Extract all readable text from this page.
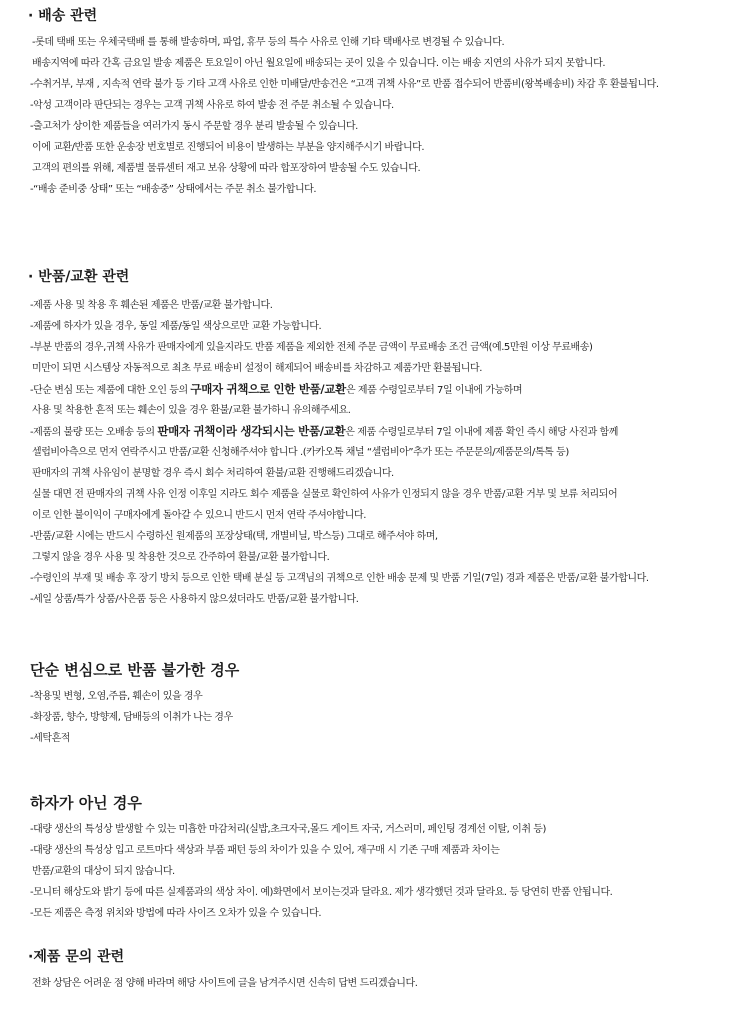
· 배송 관련
-롯데 택배 또는 우체국택배 를 통해 발송하며, 파업, 휴무 등의 특수 사유로 인해 기타 택배사로 변경될 수 있습니다.
배송지역에 따라 간혹 금요일 발송 제품은 토요일이 아닌 월요일에 배송되는 곳이 있을 수 있습니다. 이는 배송 지연의 사유가 되지 못합니다.
-수취거부, 부재 , 지속적 연락 불가 등 기타 고객 사유로 인한 미배달/반송건은 “고객 귀책 사유”로 반품 접수되어 반품비(왕복배송비) 차감 후 환불됩니다.
-악성 고객이라 판단되는 경우는 고객 귀책 사유로 하여 발송 전 주문 취소될 수 있습니다.
-출고처가 상이한 제품들을 여러가지 동시 주문할 경우 분리 발송될 수 있습니다.
이에 교환/반품 또한 운송장 번호별로 진행되어 비용이 발생하는 부분을 양지해주시기 바랍니다.
고객의 편의를 위해, 제품별 물류센터 재고 보유 상황에 따라 합포장하여 발송될 수도 있습니다.
-“배송 준비중 상태” 또는 “배송중” 상태에서는 주문 취소 불가합니다.
· 반품/교환 관련
-제품 사용 및 착용 후 훼손된 제품은 반품/교환 불가합니다.
-제품에 하자가 있을 경우, 동일 제품/동일 색상으로만 교환 가능합니다.
-부분 반품의 경우,귀책 사유가 판매자에게 있을지라도 반품 제품을 제외한 전체 주문 금액이 무료배송 조건 금액(예.5만원 이상 무료배송)
미만이 되면 시스템상 자동적으로 최초 무료 배송비 설정이 해제되어 배송비를 차감하고 제품가만 환불됩니다.
-단순 변심 또는 제품에 대한 오인 등의 구매자 귀책으로 인한 반품/교환은 제품 수령일로부터 7일 이내에 가능하며
사용 및 착용한 흔적 또는 훼손이 있을 경우 환불/교환 불가하니 유의해주세요.
-제품의 불량 또는 오배송 등의 판매자 귀책이라 생각되시는 반품/교환은 제품 수령일로부터 7일 이내에 제품 확인 즉시 해당 사진과 함께
셀럽비아측으로 먼저 연락주시고 반품/교환 신청해주셔야 합니다 .(카카오톡 채널 “셀럽비아”추가 또는 주문문의/제품문의/톡톡 등)
판매자의 귀책 사유임이 분명할 경우 즉시 회수 처리하여 환불/교환 진행해드리겠습니다.
실물 대면 전 판매자의 귀책 사유 인정 이후일 지라도 회수 제품을 실물로 확인하여 사유가 인정되지 않을 경우 반품/교환 거부 및 보류 처리되어
이로 인한 불이익이 구매자에게 돌아갈 수 있으니 반드시 먼저 연락 주셔야합니다.
-반품/교환 시에는 반드시 수령하신 원제품의 포장상태(택, 개별비닐, 박스등) 그대로 해주셔야 하며,
그렇지 않을 경우 사용 및 착용한 것으로 간주하여 환불/교환 불가합니다.
-수령인의 부재 및 배송 후 장기 방치 등으로 인한 택배 분실 등 고객님의 귀책으로 인한 배송 문제 및 반품 기일(7일) 경과 제품은 반품/교환 불가합니다.
-세일 상품/특가 상품/사은품 등은 사용하지 않으셨더라도 반품/교환 불가합니다.
단순 변심으로 반품 불가한 경우
-착용및 변형, 오염,주름, 훼손이 있을 경우
-화장품, 향수, 방향제, 담배등의 이취가 나는 경우
-세탁흔적
하자가 아닌 경우
-대량 생산의 특성상 발생할 수 있는 미흡한 마감처리(실밥,초크자국,몰드 게이트 자국, 거스러미, 페인팅 경계선 이탈, 이취 등)
-대량 생산의 특성상 입고 로트마다 색상과 부품 패턴 등의 차이가 있을 수 있어, 재구매 시 기존 구매 제품과 차이는
반품/교환의 대상이 되지 않습니다.
-모니터 해상도와 밝기 등에 따른 실제품과의 색상 차이. 예)화면에서 보이는것과 달라요. 제가 생각했던 것과 달라요. 등 당연히 반품 안됩니다.
-모든 제품은 측정 위치와 방법에 따라 사이즈 오차가 있을 수 있습니다.
·제품 문의 관련
전화 상담은 어려운 점 양해 바라며 해당 사이트에 글을 남겨주시면 신속히 답변 드리겠습니다.
